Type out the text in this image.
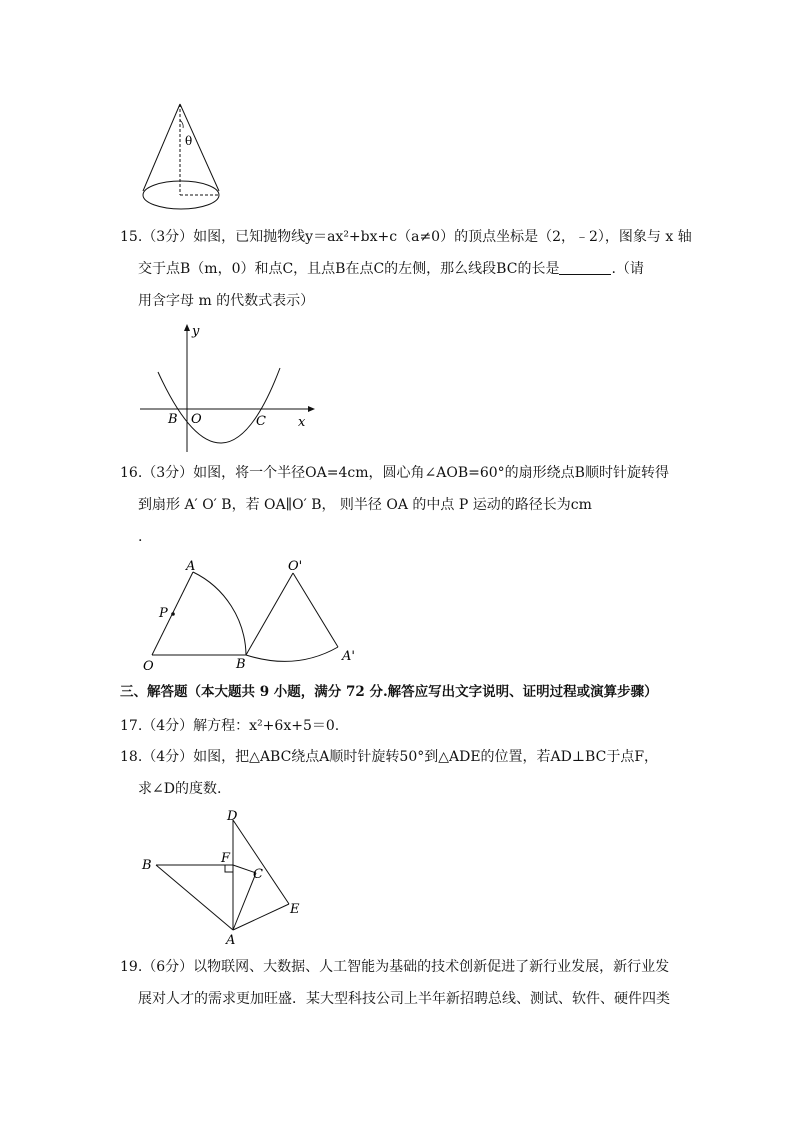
θ
15.（3分）如图，已知抛物线y＝ax²+bx+c（a≠0）的顶点坐标是（2，﹣2），图象与 x 轴
交于点B（m，0）和点C，且点B在点C的左侧，那么线段BC的长是	.（请
用含字母 m 的代数式表示）
y
x
B O	C
16.（3分）如图，将一个半径OA=4cm，圆心角∠AOB=60°的扇形绕点B顺时针旋转得
到扇形 A′ O′ B，若 OA∥O′ B， 则半径 OA 的中点 P 运动的路径长为cm
.
A	O'
P
O	B
A'
三、解答题（本大题共 9 小题，满分 72 分.解答应写出文字说明、证明过程或演算步骤）
17.（4分）解方程：x²+6x+5＝0.
18.（4分）如图，把△ABC绕点A顺时针旋转50°到△ADE的位置，若AD⊥BC于点F，
求∠D的度数.
D
F
B
C
E
A
19.（6分）以物联网、大数据、人工智能为基础的技术创新促进了新行业发展，新行业发
展对人才的需求更加旺盛．某大型科技公司上半年新招聘总线、测试、软件、硬件四类
